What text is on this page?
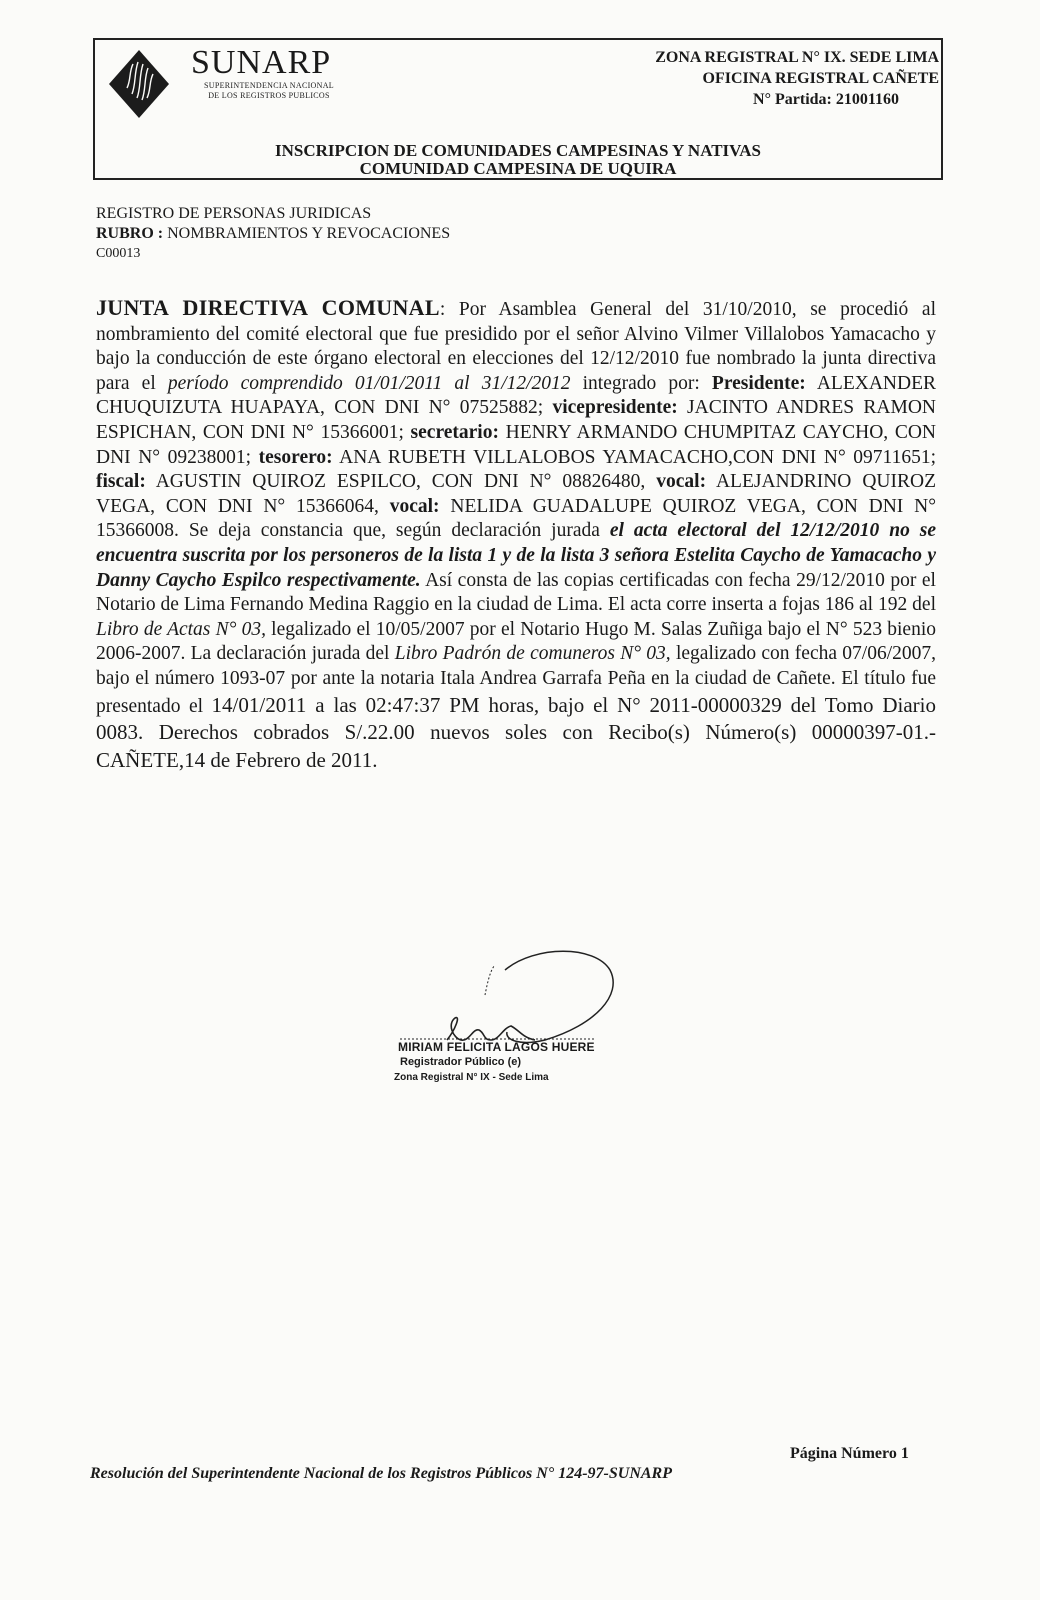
SUNARP
SUPERINTENDENCIA NACIONAL
DE LOS REGISTROS PUBLICOS
ZONA REGISTRAL N° IX. SEDE LIMA
OFICINA REGISTRAL CAÑETE
N° Partida: 21001160
INSCRIPCION DE COMUNIDADES CAMPESINAS Y NATIVAS
COMUNIDAD CAMPESINA DE UQUIRA
REGISTRO DE PERSONAS JURIDICAS
RUBRO : NOMBRAMIENTOS Y REVOCACIONES
C00013
JUNTA DIRECTIVA COMUNAL: Por Asamblea General del 31/10/2010, se procedió al nombramiento del comité electoral que fue presidido por el señor Alvino Vilmer Villalobos Yamacacho y bajo la conducción de este órgano electoral en elecciones del 12/12/2010 fue nombrado la junta directiva para el período comprendido 01/01/2011 al 31/12/2012 integrado por: Presidente: ALEXANDER CHUQUIZUTA HUAPAYA, CON DNI N° 07525882; vicepresidente: JACINTO ANDRES RAMON ESPICHAN, CON DNI N° 15366001; secretario: HENRY ARMANDO CHUMPITAZ CAYCHO, CON DNI N° 09238001; tesorero: ANA RUBETH VILLALOBOS YAMACACHO,CON DNI N° 09711651; fiscal: AGUSTIN QUIROZ ESPILCO, CON DNI N° 08826480, vocal: ALEJANDRINO QUIROZ VEGA, CON DNI N° 15366064, vocal: NELIDA GUADALUPE QUIROZ VEGA, CON DNI N° 15366008. Se deja constancia que, según declaración jurada el acta electoral del 12/12/2010 no se encuentra suscrita por los personeros de la lista 1 y de la lista 3 señora Estelita Caycho de Yamacacho y Danny Caycho Espilco respectivamente. Así consta de las copias certificadas con fecha 29/12/2010 por el Notario de Lima Fernando Medina Raggio en la ciudad de Lima. El acta corre inserta a fojas 186 al 192 del Libro de Actas N° 03, legalizado el 10/05/2007 por el Notario Hugo M. Salas Zuñiga bajo el N° 523 bienio 2006-2007. La declaración jurada del Libro Padrón de comuneros N° 03, legalizado con fecha 07/06/2007, bajo el número 1093-07 por ante la notaria Itala Andrea Garrafa Peña en la ciudad de Cañete. El título fue presentado el 14/01/2011 a las 02:47:37 PM horas, bajo el N° 2011-00000329 del Tomo Diario 0083. Derechos cobrados S/.22.00 nuevos soles con Recibo(s) Número(s) 00000397-01.-CAÑETE,14 de Febrero de 2011.
MIRIAM FELICITA LAGOS HUERE
Registrador Público (e)
Zona Registral N° IX - Sede Lima
Página Número 1
Resolución del Superintendente Nacional de los Registros Públicos N° 124-97-SUNARP
